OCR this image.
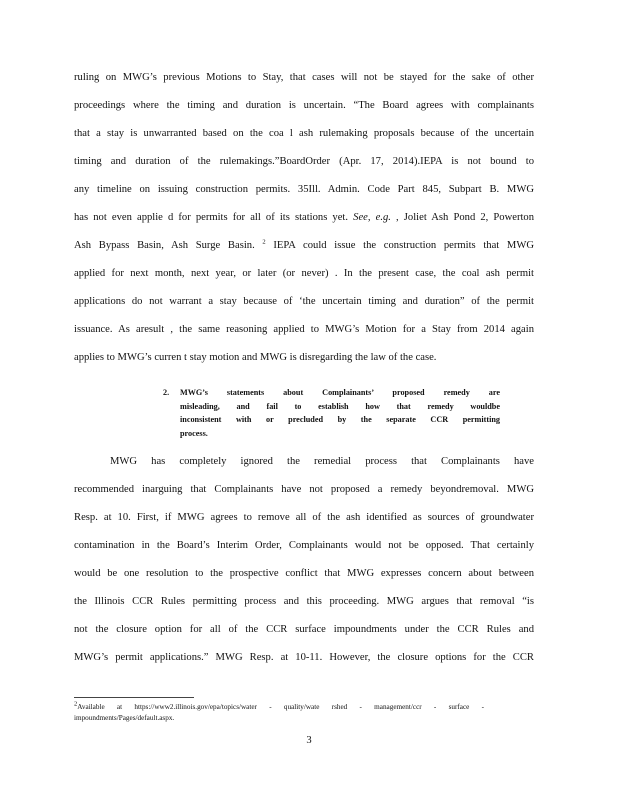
ruling on MWG’s previous Motions to Stay, that cases will not be stayed for the sake of other
proceedings where the timing and duration is uncertain. “The Board agrees with complainants
that a stay is unwarranted based on the coa l ash rulemaking proposals because of the uncertain
timing and duration of the rulemakings.”BoardOrder (Apr. 17, 2014).IEPA is not bound to
any timeline on issuing construction permits. 35Ill. Admin. Code Part 845, Subpart B. MWG
has not even applie d for permits for all of its stations yet. See, e.g. , Joliet Ash Pond 2, Powerton
Ash Bypass Basin, Ash Surge Basin. $^2$ IEPA could issue the construction permits that MWG
applied for next month, next year, or later (or never) . In the present case, the coal ash permit
applications do not warrant a stay because of ‘the uncertain timing and duration” of the permit
issuance. As aresult , the same reasoning applied to MWG’s Motion for a Stay from 2014 again
applies to MWG’s curren t stay motion and MWG is disregarding the law of the case.
2. MWG’s statements about Complainants’ proposed remedy are
misleading, and fail to establish how that remedy wouldbe
inconsistent with or precluded by the separate CCR permitting
process.
MWG has completely ignored the remedial process that Complainants have
recommended inarguing that Complainants have not proposed a remedy beyondremoval. MWG
Resp. at 10. First, if MWG agrees to remove all of the ash identified as sources of groundwater
contamination in the Board’s Interim Order, Complainants would not be opposed. That certainly
would be one resolution to the prospective conflict that MWG expresses concern about between
the Illinois CCR Rules permitting process and this proceeding. MWG argues that removal “is
not the closure option for all of the CCR surface impoundments under the CCR Rules and
MWG’s permit applications.” MWG Resp. at 10-11. However, the closure options for the CCR
$^2$Available at https://www2.illinois.gov/epa/topics/water - quality/wate rshed - management/ccr - surface -
impoundments/Pages/default.aspx.
3
